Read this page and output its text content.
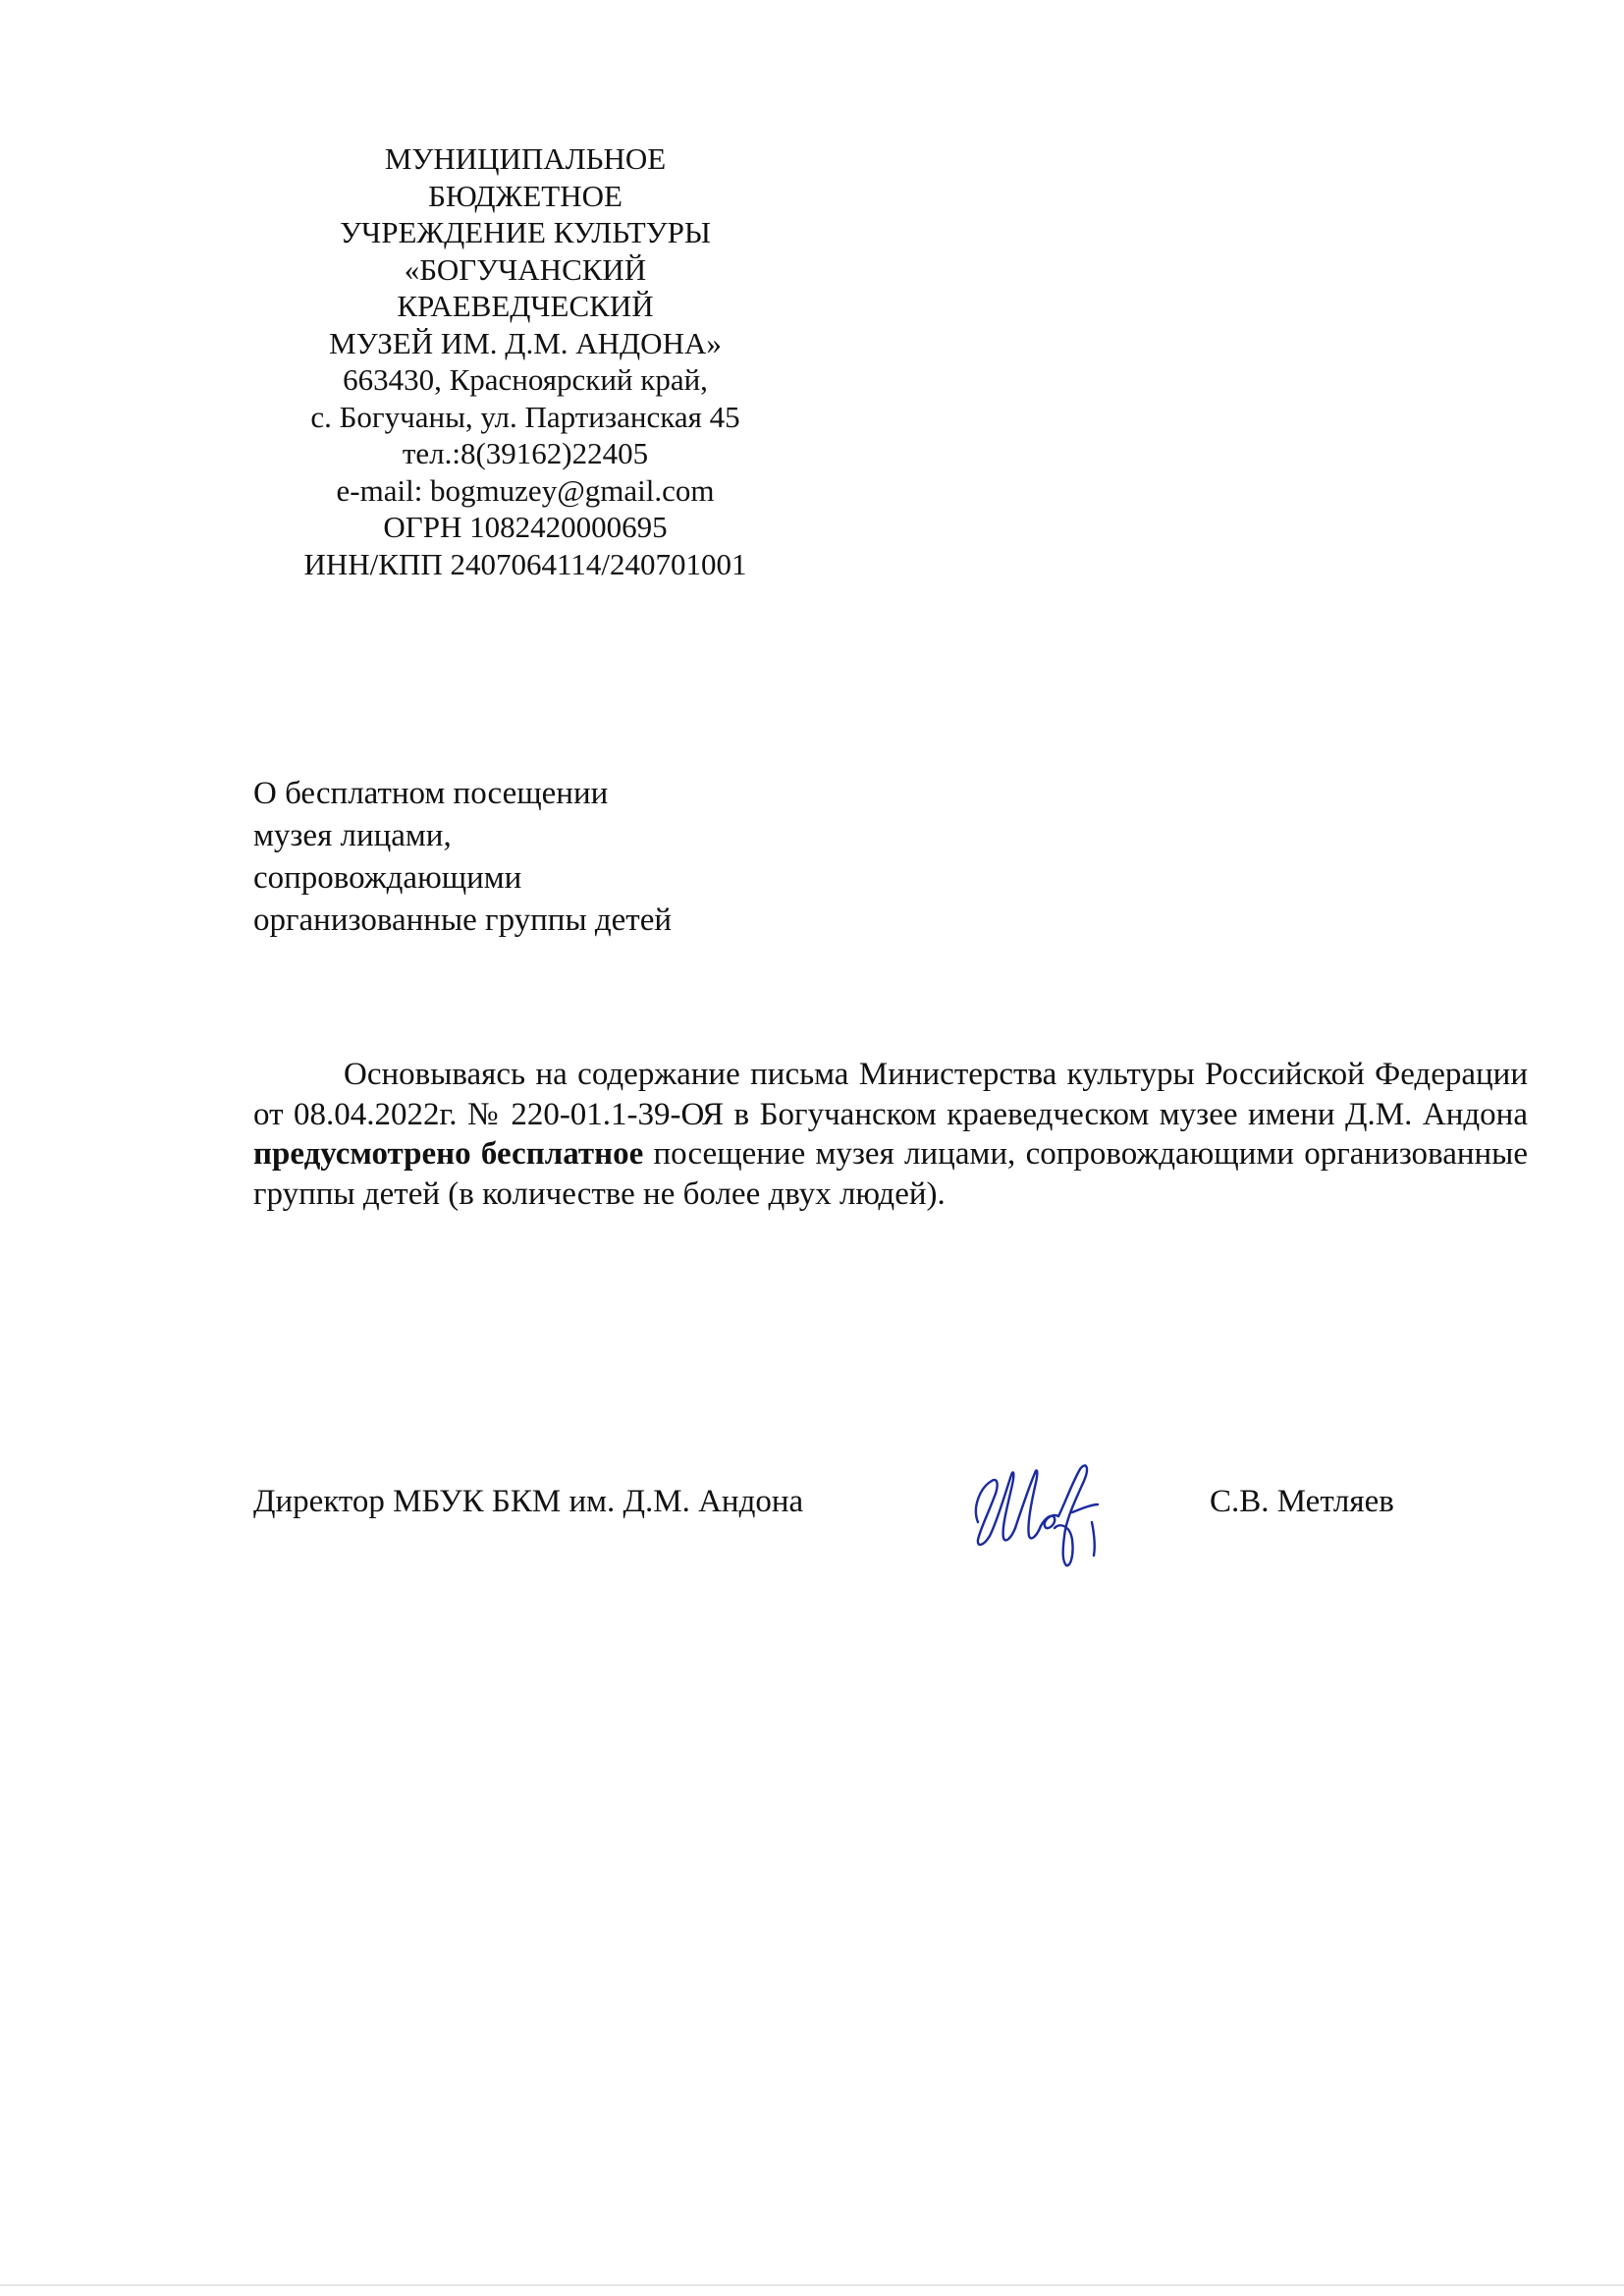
МУНИЦИПАЛЬНОЕ
БЮДЖЕТНОЕ
УЧРЕЖДЕНИЕ КУЛЬТУРЫ
«БОГУЧАНСКИЙ
КРАЕВЕДЧЕСКИЙ
МУЗЕЙ ИМ. Д.М. АНДОНА»
663430, Красноярский край,
с. Богучаны, ул. Партизанская 45
тел.:8(39162)22405
e-mail: bogmuzey@gmail.com
ОГРН 1082420000695
ИНН/КПП 2407064114/240701001
О бесплатном посещении
музея лицами,
сопровождающими
организованные группы детей

Основываясь на содержание письма Министерства культуры Российской Федерации от 08.04.2022г. № 220-01.1-39-ОЯ в Богучанском краеведческом музее имени Д.М. Андона предусмотрено бесплатное посещение музея лицами, сопровождающими организованные группы детей (в количестве не более двух людей).

Директор МБУК БКМ им. Д.М. Андона	С.В. Метляев
